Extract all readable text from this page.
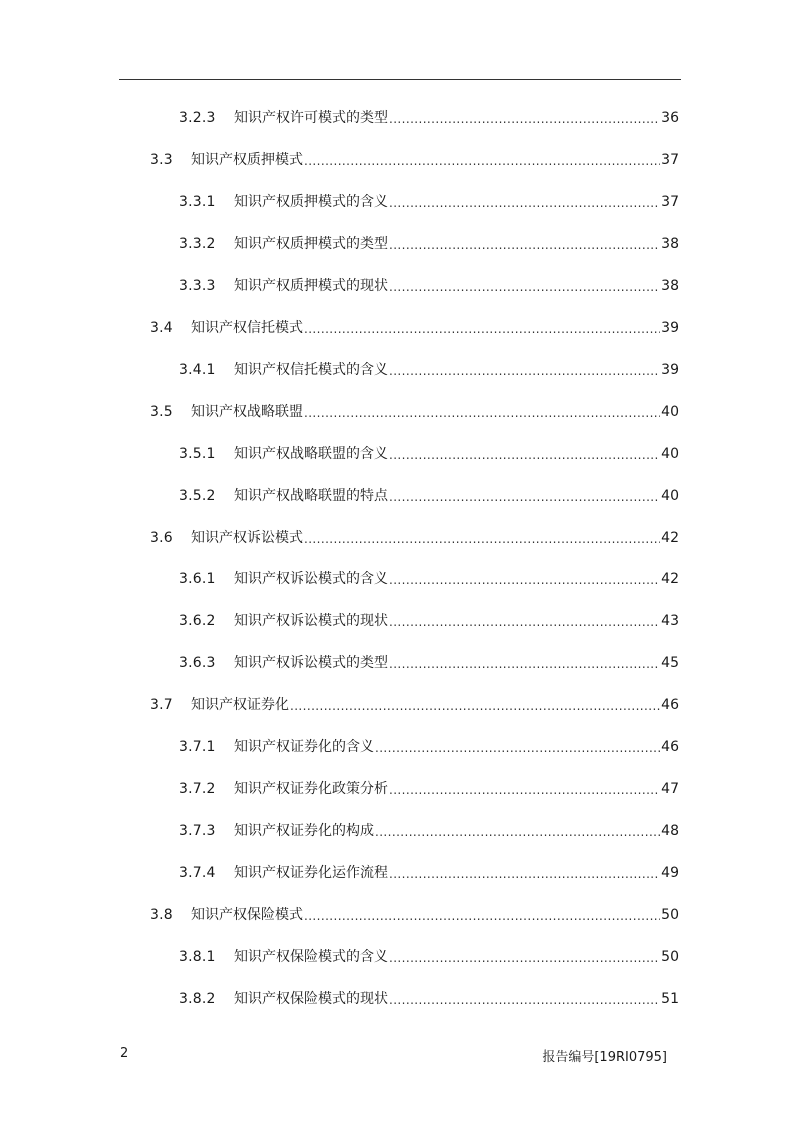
3.2.3	知识产权许可模式的类型 .....	36
3.3	知识产权质押模式 .....	37
3.3.1	知识产权质押模式的含义 .....	37
3.3.2	知识产权质押模式的类型 .....	38
3.3.3	知识产权质押模式的现状 .....	38
3.4	知识产权信托模式 .....	39
3.4.1	知识产权信托模式的含义 .....	39
3.5	知识产权战略联盟 .....	40
3.5.1	知识产权战略联盟的含义 .....	40
3.5.2	知识产权战略联盟的特点 .....	40
3.6	知识产权诉讼模式 .....	42
3.6.1	知识产权诉讼模式的含义 .....	42
3.6.2	知识产权诉讼模式的现状 .....	43
3.6.3	知识产权诉讼模式的类型 .....	45
3.7	知识产权证券化 .....	46
3.7.1	知识产权证券化的含义 .....	46
3.7.2	知识产权证券化政策分析 .....	47
3.7.3	知识产权证券化的构成 .....	48
3.7.4	知识产权证券化运作流程 .....	49
3.8	知识产权保险模式 .....	50
3.8.1	知识产权保险模式的含义 .....	50
3.8.2	知识产权保险模式的现状 .....	51
2	报告编号[19RI0795]
